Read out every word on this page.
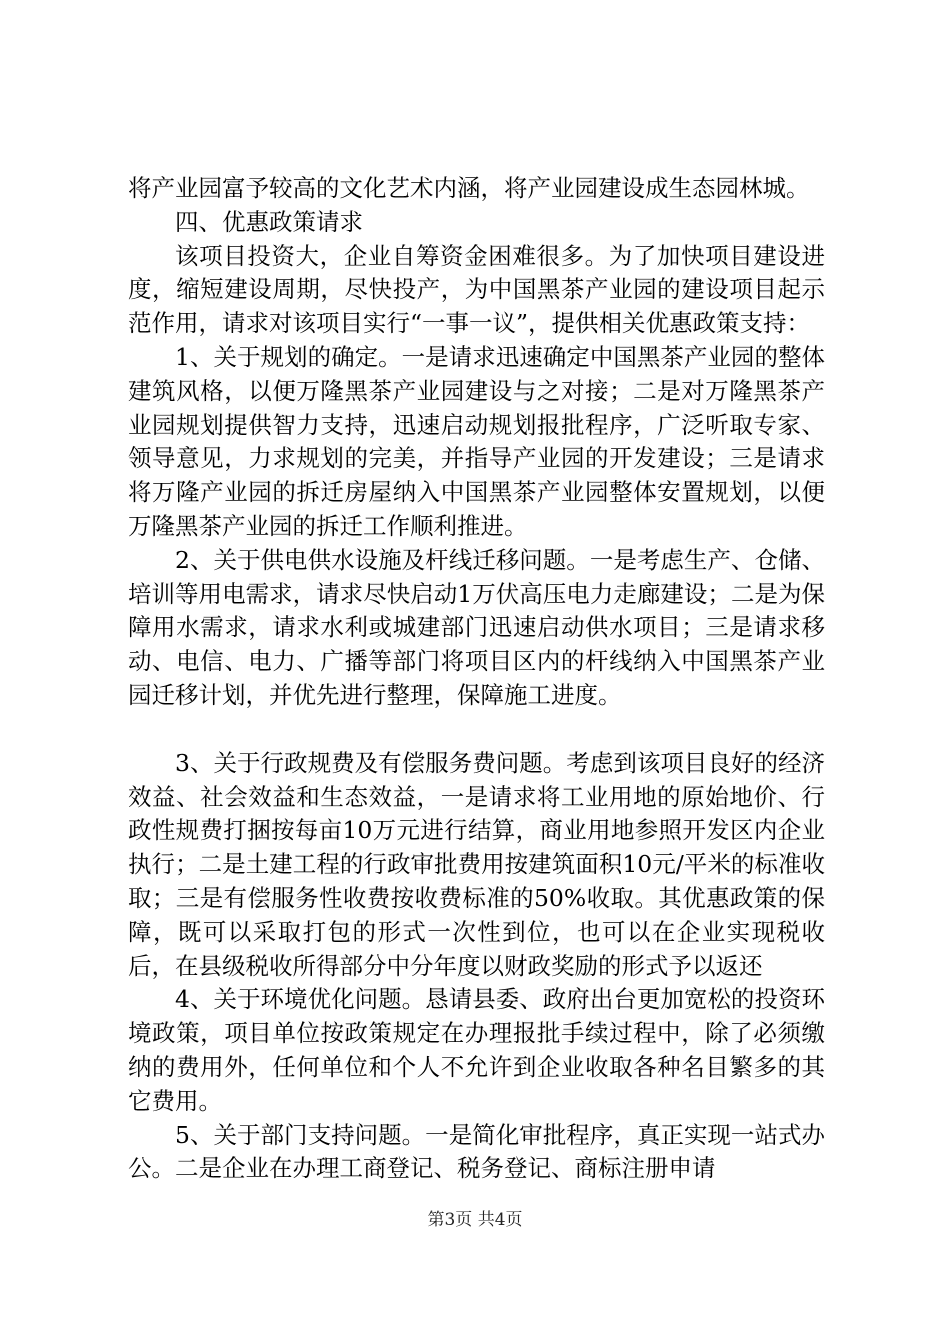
将产业园富予较高的文化艺术内涵，将产业园建设成生态园林城。

四、优惠政策请求

该项目投资大，企业自筹资金困难很多。为了加快项目建设进度，缩短建设周期，尽快投产，为中国黑茶产业园的建设项目起示范作用，请求对该项目实行“一事一议”，提供相关优惠政策支持：

1、关于规划的确定。一是请求迅速确定中国黑茶产业园的整体建筑风格，以便万隆黑茶产业园建设与之对接；二是对万隆黑茶产业园规划提供智力支持，迅速启动规划报批程序，广泛听取专家、领导意见，力求规划的完美，并指导产业园的开发建设；三是请求将万隆产业园的拆迁房屋纳入中国黑茶产业园整体安置规划，以便万隆黑茶产业园的拆迁工作顺利推进。

2、关于供电供水设施及杆线迁移问题。一是考虑生产、仓储、培训等用电需求，请求尽快启动1万伏高压电力走廊建设；二是为保障用水需求，请求水利或城建部门迅速启动供水项目；三是请求移动、电信、电力、广播等部门将项目区内的杆线纳入中国黑茶产业园迁移计划，并优先进行整理，保障施工进度。

3、关于行政规费及有偿服务费问题。考虑到该项目良好的经济效益、社会效益和生态效益，一是请求将工业用地的原始地价、行政性规费打捆按每亩10万元进行结算，商业用地参照开发区内企业执行；二是土建工程的行政审批费用按建筑面积10元/平米的标准收取；三是有偿服务性收费按收费标准的50%收取。其优惠政策的保障，既可以采取打包的形式一次性到位，也可以在企业实现税收后，在县级税收所得部分中分年度以财政奖励的形式予以返还

4、关于环境优化问题。恳请县委、政府出台更加宽松的投资环境政策，项目单位按政策规定在办理报批手续过程中，除了必须缴纳的费用外，任何单位和个人不允许到企业收取各种名目繁多的其它费用。

5、关于部门支持问题。一是简化审批程序，真正实现一站式办公。二是企业在办理工商登记、税务登记、商标注册申请

第3页 共4页
